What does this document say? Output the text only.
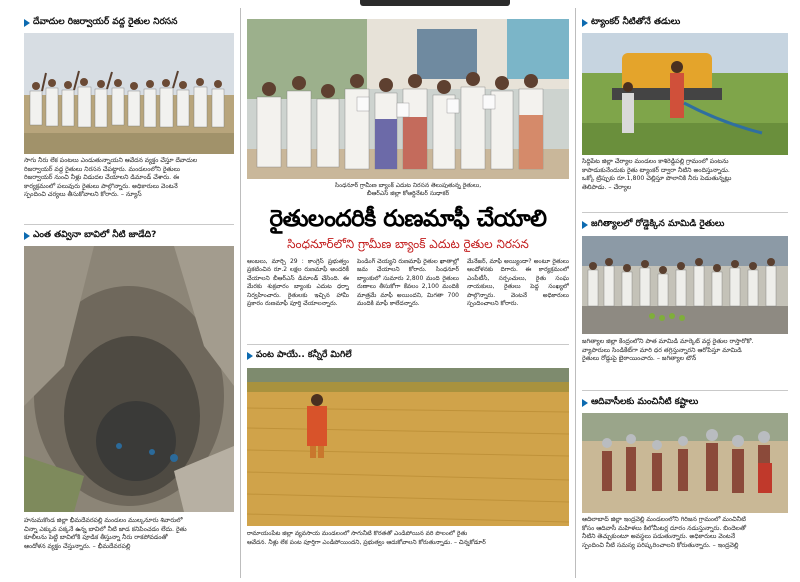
దేవాదుల రిజర్వాయర్ వద్ద రైతుల నిరసన
సాగు నీరు లేక పంటలు ఎండుతున్నాయని ఆవేదన వ్యక్తం చేస్తూ దేవాదుల
రిజర్వాయర్ వద్ద రైతులు నిరసన చేపట్టారు. మండలంలోని రైతులు
రిజర్వాయర్ నుంచి నీళ్లు విడుదల చేయాలని డిమాండ్ చేశారు. ఈ
కార్యక్రమంలో పలువురు రైతులు పాల్గొన్నారు. అధికారులు వెంటనే
స్పందించి చర్యలు తీసుకోవాలని కోరారు. – న్యూస్
ఎంత తవ్వినా బావిలో నీటి జాడేది?
హనుమకొండ జిల్లా భీమదేవరపల్లి మండలం ముల్కనూరు శివారులో
చిన్నా ఎక్కువ పక్కనే ఉన్న బావిలో నీటి జాడ కనిపించడం లేదు. రైతు
కూలీలను పెట్టి బావిలోకి పూడిక తీస్తున్నా నీరు రాకపోవడంతో
ఆందోళన వ్యక్తం చేస్తున్నారు. – భీమదేవరపల్లి
సింధనూర్ గ్రామీణ బ్యాంక్ ఎదుట నిరసన తెలుపుతున్న రైతులు,
బీఆర్ఎస్ జిల్లా కోఆర్డినేటర్ సుధాకర్
రైతులందరికీ రుణమాఫీ చేయాలి
సింధనూర్‌లోని గ్రామీణ బ్యాంక్ ఎదుట రైతుల నిరసన
ఆంబలు, మార్చి 29 : కాంగ్రెస్ ప్రభుత్వం ప్రకటించిన రూ.2 లక్షల రుణమాఫీ అందరికీ చేయాలని బీఆర్ఎస్ డిమాండ్ చేసింది. ఈ మేరకు శుక్రవారం బ్యాంకు ఎదుట ధర్నా నిర్వహించారు. రైతులకు ఇచ్చిన హామీ ప్రకారం రుణమాఫీ పూర్తి చేయాలన్నారు.
పెండింగ్ చెయ్యని రుణమాఫీ రైతుల ఖాతాల్లో జమ చేయాలని కోరారు. సింధనూర్ బ్యాంకులో సుమారు 2,800 మంది రైతులు రుణాలు తీసుకోగా కేవలం 2,100 మందికి మాత్రమే మాఫీ అయిందని, మిగతా 700 మందికి మాఫీ కాలేదన్నారు.
మేనేజర్, మాఫీ అయ్యిందా? అంటూ రైతులు ఆందోళనకు దిగారు. ఈ కార్యక్రమంలో ఎంపీటీసీ, సర్పంచులు, రైతు సంఘ నాయకులు, రైతులు పెద్ద సంఖ్యలో పాల్గొన్నారు. వెంటనే అధికారులు స్పందించాలని కోరారు.
పంట పాయే.. కన్నీరే మిగిలే
రామాయంపేట జిల్లా వ్యవసాయ మండలంలో సాగునీటి కొరతతో ఎండిపోయిన వరి పొలంలో రైతు
ఆవేదన. నీళ్లు లేక పంట పూర్తిగా ఎండిపోయిందని, ప్రభుత్వం ఆదుకోవాలని కోరుతున్నాడు. – చిన్నకోడూర్
ట్యాంకర్ నీటితోనే తడులు
సిద్దిపేట జిల్లా చేర్యాల మండలం కాశిరెడ్డిపల్లి గ్రామంలో పంటను
కాపాడుకునేందుకు రైతు ట్యాంకర్ ద్వారా నీటిని అందిస్తున్నాడు.
ఒక్కో ట్రిప్పుకు రూ.1,800 చెల్లిస్తూ పొలానికి నీరు పెడుతున్నట్లు
తెలిపాడు. – చేర్యాల
జగిత్యాలలో రోడ్డెక్కిన మామిడి రైతులు
జగిత్యాల జిల్లా కేంద్రంలోని పాత మామిడి మార్కెట్ వద్ద రైతుల రాస్తారోకో.
వ్యాపారులు సిండికేట్‌గా మారి ధర తగ్గిస్తున్నారని ఆరోపిస్తూ మామిడి
రైతులు రోడ్డుపై బైఠాయించారు. – జగిత్యాల టౌన్
ఆదివాసీలకు మంచినీటి కష్టాలు
ఆదిలాబాద్ జిల్లా ఇంద్రవెల్లి మండలంలోని గిరిజన గ్రామంలో మంచినీటి
కోసం ఆదివాసీ మహిళలు కిలోమీటర్ల దూరం నడుస్తున్నారు. బిందెలతో
నీటిని తెచ్చుకుంటూ అవస్థలు పడుతున్నారు. అధికారులు వెంటనే
స్పందించి నీటి సమస్య పరిష్కరించాలని కోరుతున్నారు. – ఇంద్రవెల్లి
